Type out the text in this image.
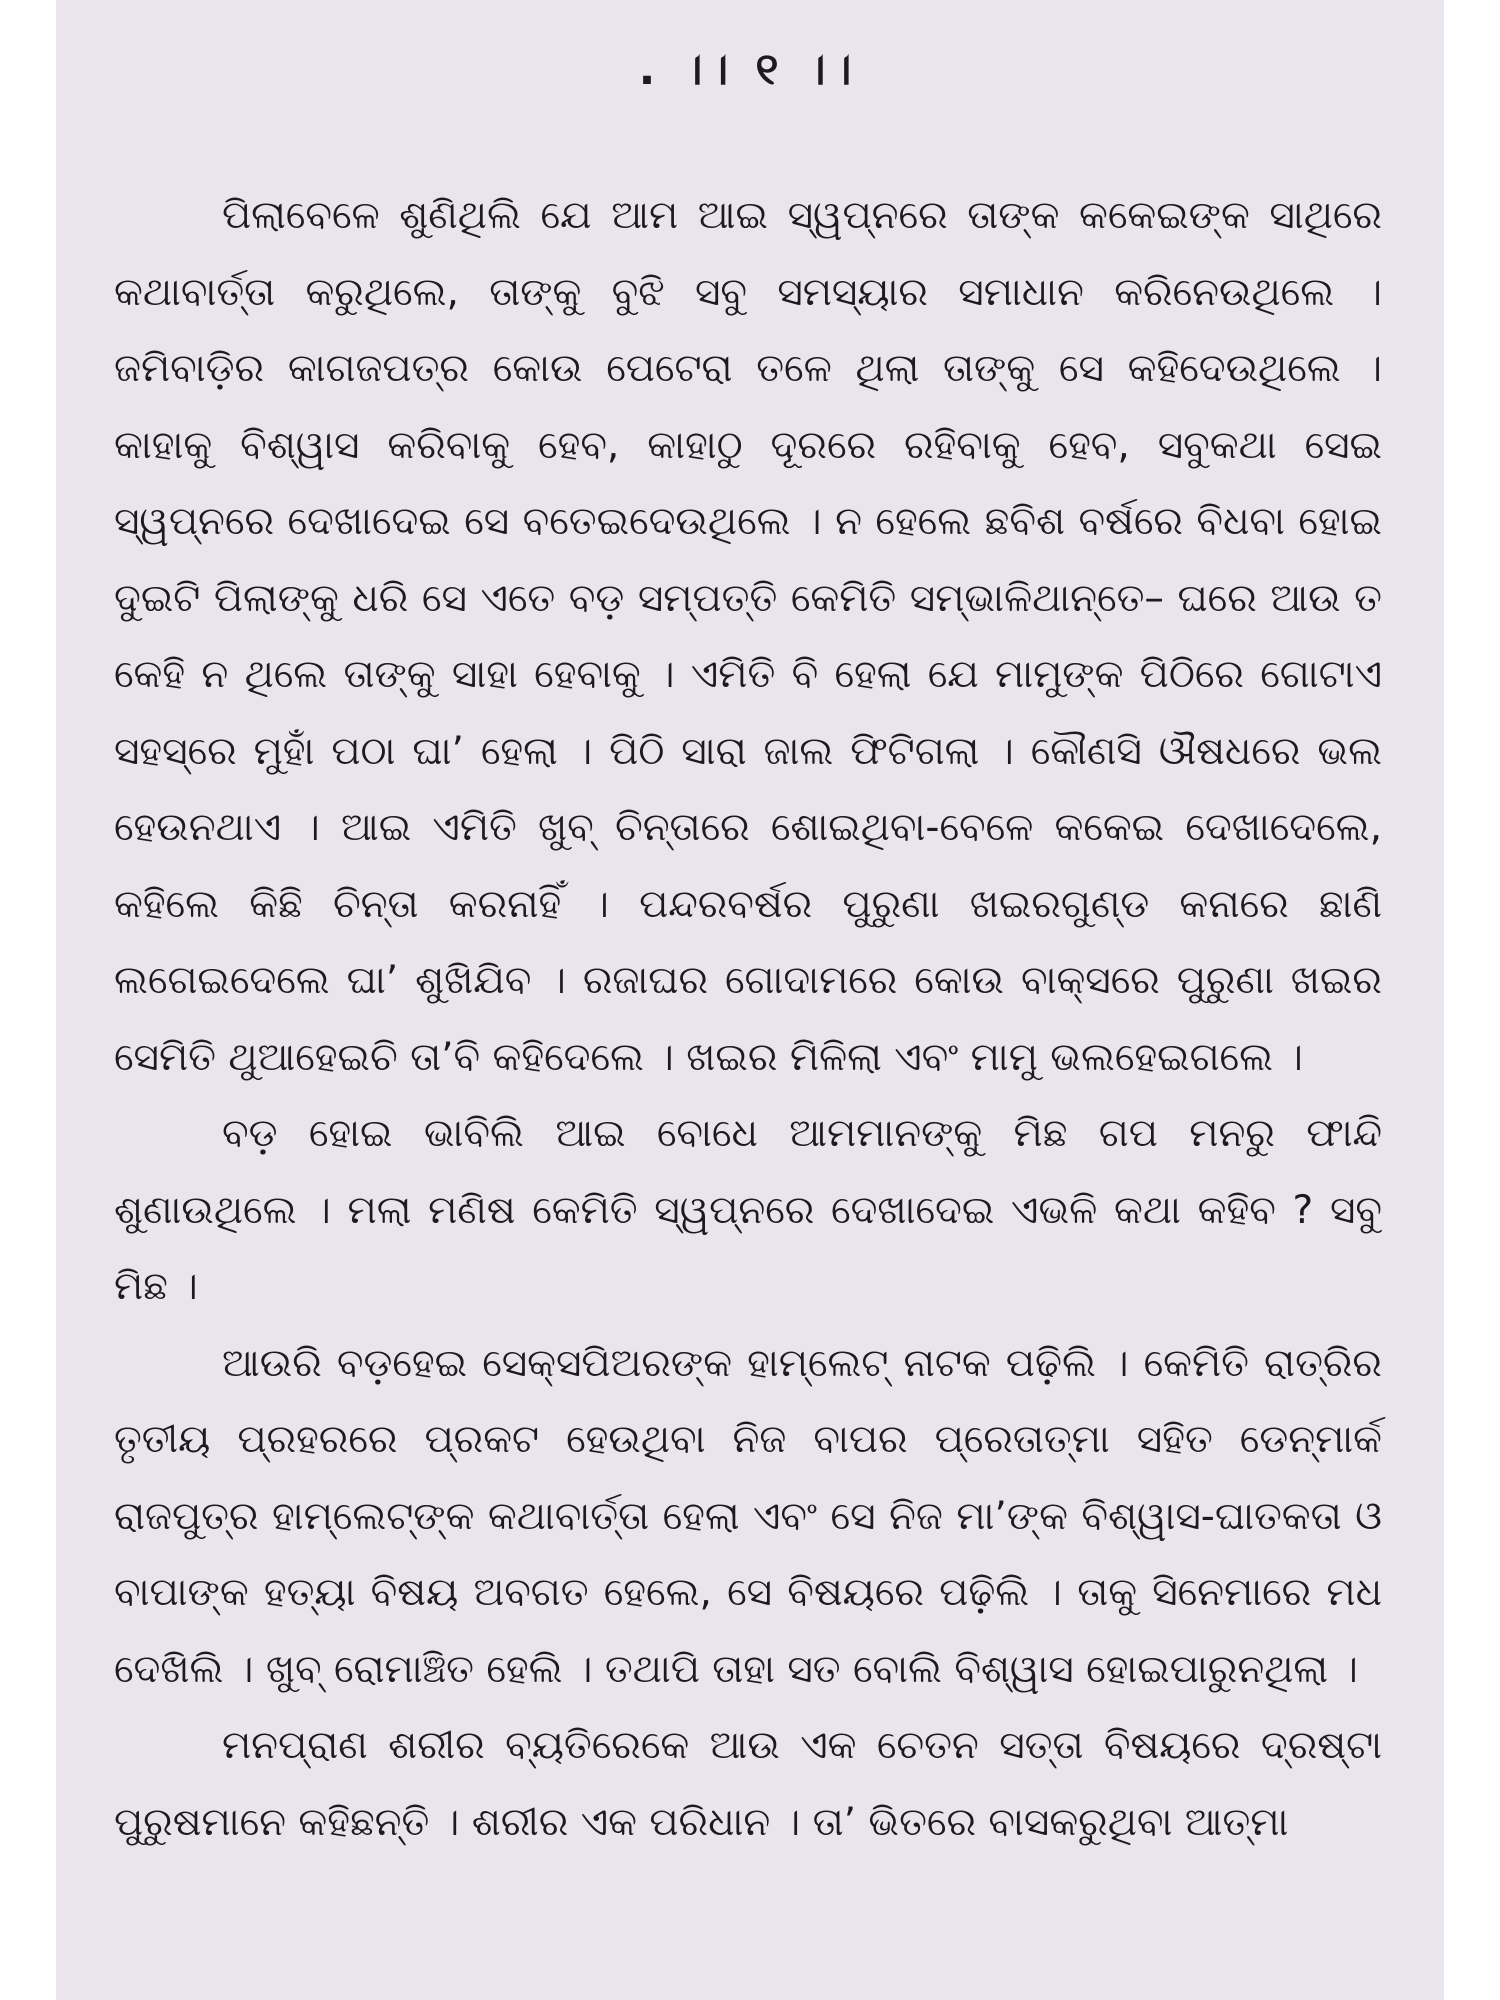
. ।। ୧ ।।

ପିଲାବେଳେ ଶୁଣିଥିଲି ଯେ ଆମ ଆଇ ସ୍ୱପ୍ନରେ ତାଙ୍କ କକେଇଙ୍କ ସାଥିରେ କଥାବାର୍ତ୍ତା କରୁଥିଲେ, ତାଙ୍କୁ ବୁଝି ସବୁ ସମସ୍ୟାର ସମାଧାନ କରିନେଉଥିଲେ । ଜମିବାଡ଼ିର କାଗଜପତ୍ର କୋଉ ପେଟେରା ତଳେ ଥିଲା ତାଙ୍କୁ ସେ କହିଦେଉଥିଲେ । କାହାକୁ ବିଶ୍ୱାସ କରିବାକୁ ହେବ, କାହାଠୁ ଦୂରରେ ରହିବାକୁ ହେବ, ସବୁକଥା ସେଇ ସ୍ୱପ୍ନରେ ଦେଖାଦେଇ ସେ ବତେଇଦେଉଥିଲେ । ନ ହେଲେ ଛବିଶ ବର୍ଷରେ ବିଧବା ହୋଇ ଦୁଇଟି ପିଲାଙ୍କୁ ଧରି ସେ ଏତେ ବଡ଼ ସମ୍ପତ୍ତି କେମିତି ସମ୍ଭାଳିଥାନ୍ତେ– ଘରେ ଆଉ ତ କେହି ନ ଥିଲେ ତାଙ୍କୁ ସାହା ହେବାକୁ । ଏମିତି ବି ହେଲା ଯେ ମାମୁଙ୍କ ପିଠିରେ ଗୋଟାଏ ସହସ୍ରେ ମୁହାଁ ପଠା ଘା’ ହେଲା । ପିଠି ସାରା ଜାଲ ଫିଟିଗଲା । କୌଣସି ଔଷଧରେ ଭଲ ହେଉନଥାଏ । ଆଇ ଏମିତି ଖୁବ୍ ଚିନ୍ତାରେ ଶୋଇଥିବା-ବେଳେ କକେଇ ଦେଖାଦେଲେ, କହିଲେ କିଛି ଚିନ୍ତା କରନାହିଁ । ପନ୍ଦରବର୍ଷର ପୁରୁଣା ଖଇରଗୁଣ୍ଡ କନାରେ ଛାଣି ଲଗେଇଦେଲେ ଘା’ ଶୁଖିଯିବ । ରଜାଘର ଗୋଦାମରେ କୋଉ ବାକ୍ସରେ ପୁରୁଣା ଖଇର ସେମିତି ଥୁଆହେଇଚି ତା’ବି କହିଦେଲେ । ଖଇର ମିଳିଲା ଏବଂ ମାମୁ ଭଲହେଇଗଲେ ।

ବଡ଼ ହୋଇ ଭାବିଲି ଆଇ ବୋଧେ ଆମମାନଙ୍କୁ ମିଛ ଗପ ମନରୁ ଫାନ୍ଦି ଶୁଣାଉଥିଲେ । ମଲା ମଣିଷ କେମିତି ସ୍ୱପ୍ନରେ ଦେଖାଦେଇ ଏଭଳି କଥା କହିବ ? ସବୁ ମିଛ ।

ଆଉରି ବଡ଼ହେଇ ସେକ୍ସପିଅରଙ୍କ ହାମ୍‌ଲେଟ୍ ନାଟକ ପଢ଼ିଲି । କେମିତି ରାତ୍ରିର ତୃତୀୟ ପ୍ରହରରେ ପ୍ରକଟ ହେଉଥିବା ନିଜ ବାପର ପ୍ରେତାତ୍ମା ସହିତ ଡେନ୍‌ମାର୍କ ରାଜପୁତ୍ର ହାମ୍‌ଲେଟ୍‌ଙ୍କ କଥାବାର୍ତ୍ତା ହେଲା ଏବଂ ସେ ନିଜ ମା’ଙ୍କ ବିଶ୍ୱାସ-ଘାତକତା ଓ ବାପାଙ୍କ ହତ୍ୟା ବିଷୟ ଅବଗତ ହେଲେ, ସେ ବିଷୟରେ ପଢ଼ିଲି । ତାକୁ ସିନେମାରେ ମଧ ଦେଖିଲି । ଖୁବ୍ ରୋମାଞ୍ଚିତ ହେଲି । ତଥାପି ତାହା ସତ ବୋଲି ବିଶ୍ୱାସ ହୋଇପାରୁନଥିଲା ।

ମନପ୍ରାଣ ଶରୀର ବ୍ୟତିରେକେ ଆଉ ଏକ ଚେତନ ସତ୍ତା ବିଷୟରେ ଦ୍ରଷ୍ଟା ପୁରୁଷମାନେ କହିଛନ୍ତି । ଶରୀର ଏକ ପରିଧାନ । ତା’ ଭିତରେ ବାସକରୁଥିବା ଆତ୍ମା
